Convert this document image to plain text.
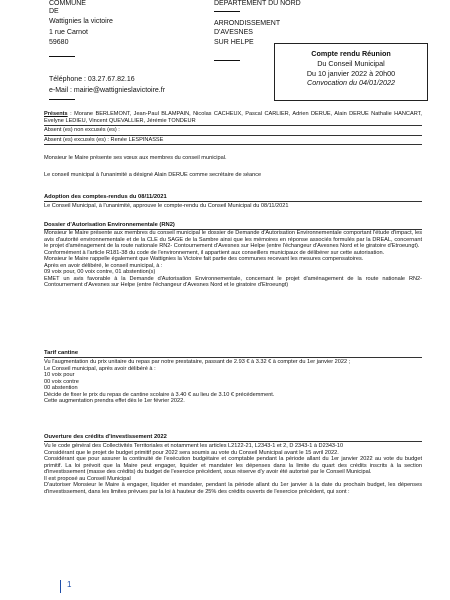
COMMUNE
DE
Wattignies la victoire
1 rue Carnot
59680
Téléphone : 03.27.67.82.16
e-Mail : mairie@wattigniesl​avictoire.fr
DÉPARTEMENT DU NORD
ARRONDISSEMENT
D'AVESNES
SUR HELPE
Compte rendu Réunion
Du Conseil Municipal
Du 10 janvier 2022 à 20h00
Convocation du 04/01/2022
Présents : Morane BERLEMONT, Jean-Paul BLAMPAIN, Nicolas CACHEUX, Pascal CARLIER, Adrien DERUE, Alain DERUE Nathalie HANCART, Evelyne LEDIEU, Vincent QUEVALLIER, Jérémie TONDEUR
Absent (es) non excusés (es) :
Absent (es) excusés (es) : Renée LESPINASSE
Monsieur le Maire présente ses vœux aux membres du conseil municipal.
Le conseil municipal à l'unanimité a désigné Alain DERUE comme secrétaire de séance
Adoption des comptes-rendus du 08/11/2021
Le Conseil Municipal, à l'unanimité, approuve le compte-rendu du Conseil Municipal du 08/11/2021
Dossier d'Autorisation Environnementale (RN2)

Monsieur le Maire présente aux membres du conseil municipal le dossier de Demande d'Autorisation Environnementale comportant l'étude d'impact, les avis d'autorité environnementale et de la CLE du SAGE de la Sambre ainsi que les mémoires en réponse associés formulés par la DREAL, concernant le projet d'aménagement de la route nationale RN2- Contournement d'Avesnes sur Helpe (entre l'échangeur d'Avesnes Nord et le giratoire d'Etroeungt).

Conformément à l'article R181-38 du code de l'environnement, il appartient aux conseillers municipaux de délibérer sur cette autorisation.

Monsieur le Maire rappelle également que Wattignies la Victoire fait partie des communes recevant les mesures compensatoires.

Après en avoir délibéré, le conseil municipal, à :

09 voix pour, 00 voix contre, 01 abstention(s)

EMET un avis favorable à la Demande d'Autorisation Environnementale, concernant le projet d'aménagement de la route nationale RN2- Contournement d'Avesnes sur Helpe (entre l'échangeur d'Avesnes Nord et le giratoire d'Etroeungt)

Tarif cantine

Vu l'augmentation du prix unitaire du repas par notre prestataire, passant de 2.93 € à 3.32 € à compter du 1er janvier 2022 ;

Le Conseil municipal, après avoir délibéré à :

10 voix pour

00 voix contre

00 abstention

Décide de fixer le prix du repas de cantine scolaire à 3.40 € au lieu de 3.10 € précédemment.

Cette augmentation prendra effet dès le 1er février 2022.

Ouverture des crédits d'investissement 2022

Vu le code général des Collectivités Territoriales et notamment les articles L2122-21, L2343-1 et 2, D 2343-1 à D2343-10

Considérant que le projet de budget primitif pour 2022 sera soumis au vote du Conseil Municipal avant le 15 avril 2022.

Considérant que pour assurer la continuité de l'exécution budgétaire et comptable pendant la période allant du 1er janvier 2022 au vote du budget primitif. La loi prévoit que la Maire peut engager, liquider et mandater les dépenses dans la limite du quart des crédits inscrits à la section d'investissement (masse des crédits) du budget de l'exercice précédent, sous réserve d'y avoir été autorisé par le Conseil Municipal.

Il est proposé au Conseil Municipal

D'autoriser Monsieur le Maire à engager, liquider et mandater, pendant la période allant du 1er janvier à la date du prochain budget, les dépenses d'investissement, dans les limites prévues par la loi à hauteur de 25% des crédits ouverts de l'exercice précédent, qui sont :

1
